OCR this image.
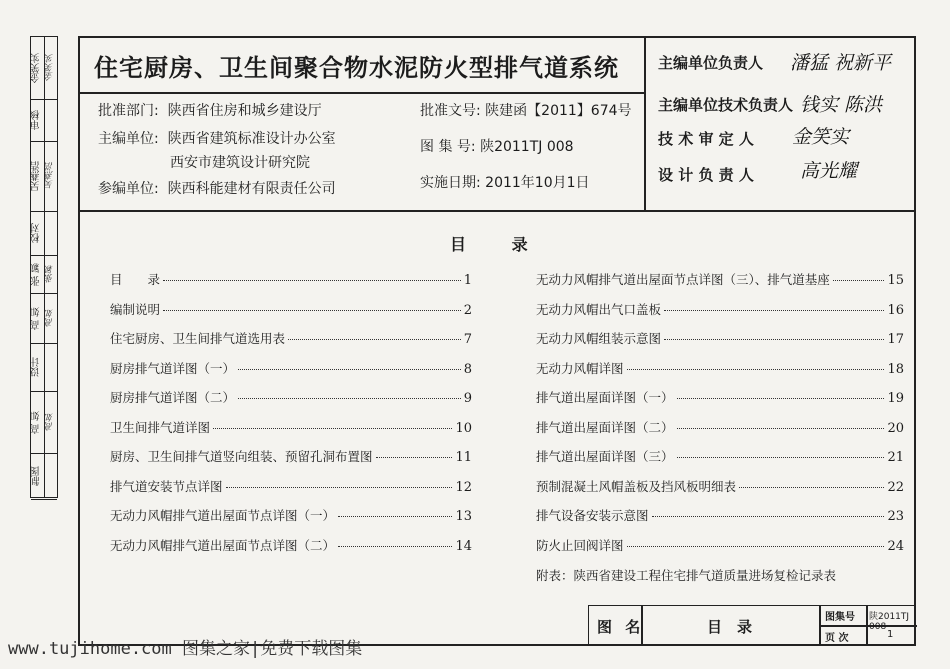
金笑实 金笑实
审核
吴燕浩 吴燕浩
校对
张 颖 张颖
高 如 高如
设计
高 如 高如
制图
住宅厨房、卫生间聚合物水泥防火型排气道系统
批准部门: 陕西省住房和城乡建设厅
主编单位: 陕西省建筑标准设计办公室
西安市建筑设计研究院
参编单位: 陕西科能建材有限责任公司
批准文号: 陕建函【2011】674号
图 集 号: 陕2011TJ 008
实施日期: 2011年10月1日
主编单位负责人 潘猛 祝新平
主编单位技术负责人 钱实 陈洪
技 术 审 定 人 金笑实
设 计 负 责 人 高光耀
目 录
目　　录	1
编制说明	2
住宅厨房、卫生间排气道选用表	7
厨房排气道详图（一）	8
厨房排气道详图（二）	9
卫生间排气道详图	10
厨房、卫生间排气道竖向组装、预留孔洞布置图	11
排气道安装节点详图	12
无动力风帽排气道出屋面节点详图（一）	13
无动力风帽排气道出屋面节点详图（二）	14
无动力风帽排气道出屋面节点详图（三）、排气道基座	15
无动力风帽出气口盖板	16
无动力风帽组装示意图	17
无动力风帽详图	18
排气道出屋面详图（一）	19
排气道出屋面详图（二）	20
排气道出屋面详图（三）	21
预制混凝土风帽盖板及挡风板明细表	22
排气设备安装示意图	23
防火止回阀详图	24
附表：陕西省建设工程住宅排气道质量进场复检记录表
图 名	目　录
图集号 陕2011TJ 008
页 次	1
www.tujihome.com 图集之家|免费下载图集
